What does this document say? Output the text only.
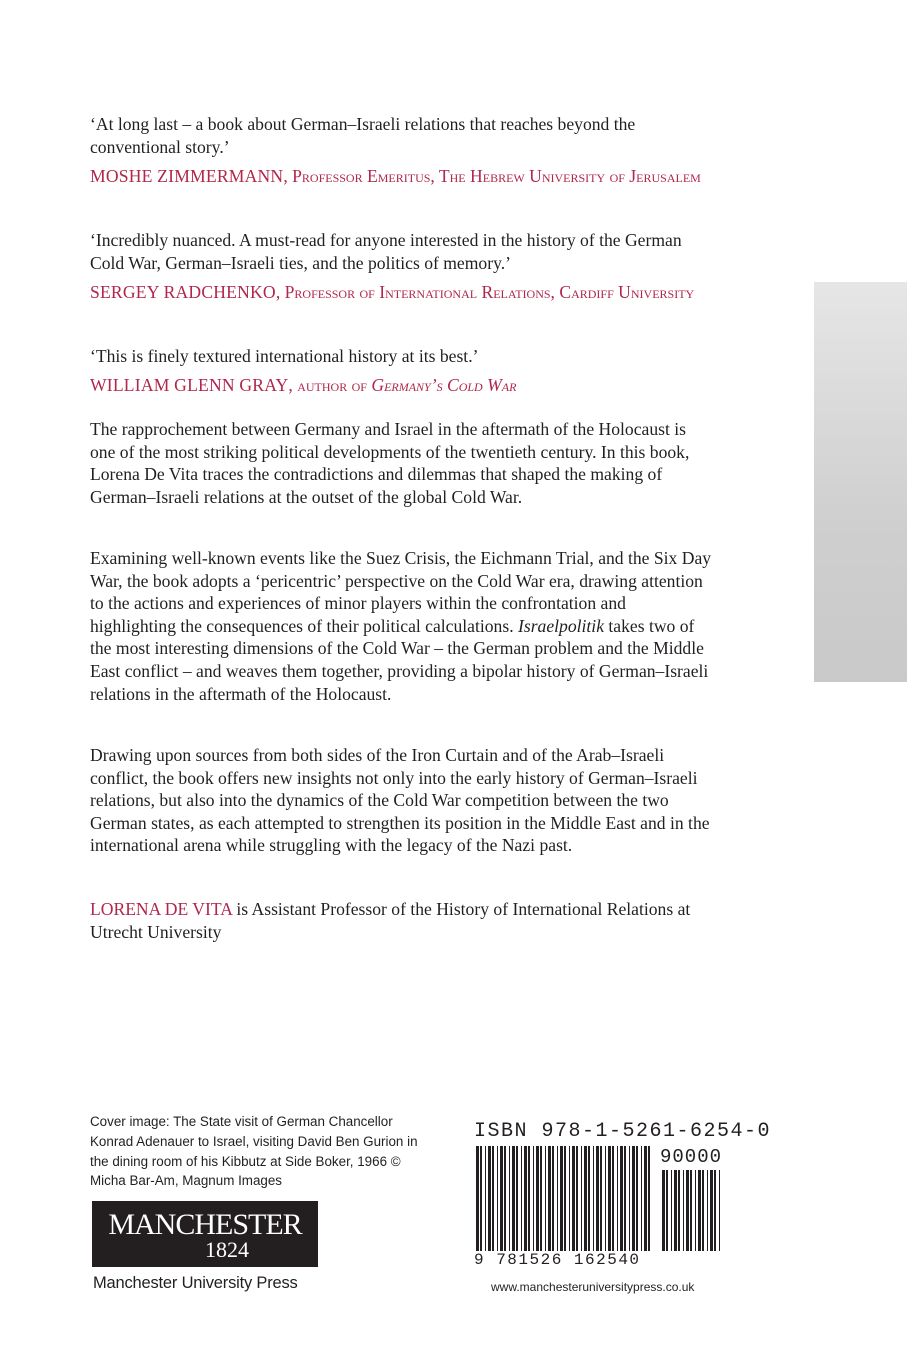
‘At long last – a book about German–Israeli relations that reaches beyond the conventional story.’

MOSHE ZIMMERMANN, Professor Emeritus, The Hebrew University of Jerusalem

‘Incredibly nuanced. A must-read for anyone interested in the history of the German Cold War, German–Israeli ties, and the politics of memory.’

SERGEY RADCHENKO, Professor of International Relations, Cardiff University

‘This is finely textured international history at its best.’

WILLIAM GLENN GRAY, author of Germany’s Cold War

The rapprochement between Germany and Israel in the aftermath of the Holocaust is one of the most striking political developments of the twentieth century. In this book, Lorena De Vita traces the contradictions and dilemmas that shaped the making of German–Israeli relations at the outset of the global Cold War.

Examining well-known events like the Suez Crisis, the Eichmann Trial, and the Six Day War, the book adopts a ‘pericentric’ perspective on the Cold War era, drawing attention to the actions and experiences of minor players within the confrontation and highlighting the consequences of their political calculations. Israelpolitik takes two of the most interesting dimensions of the Cold War – the German problem and the Middle East conflict – and weaves them together, providing a bipolar history of German–Israeli relations in the aftermath of the Holocaust.

Drawing upon sources from both sides of the Iron Curtain and of the Arab–Israeli conflict, the book offers new insights not only into the early history of German–Israeli relations, but also into the dynamics of the Cold War competition between the two German states, as each attempted to strengthen its position in the Middle East and in the international arena while struggling with the legacy of the Nazi past.

LORENA DE VITA is Assistant Professor of the History of International Relations at Utrecht University

Cover image: The State visit of German Chancellor Konrad Adenauer to Israel, visiting David Ben Gurion in the dining room of his Kibbutz at Side Boker, 1966 © Micha Bar-Am, Magnum Images
MANCHESTER
1824
Manchester University Press
ISBN 978-1-5261-6254-0
90000
9 781526 162540
www.manchesteruniversitypress.co.uk
